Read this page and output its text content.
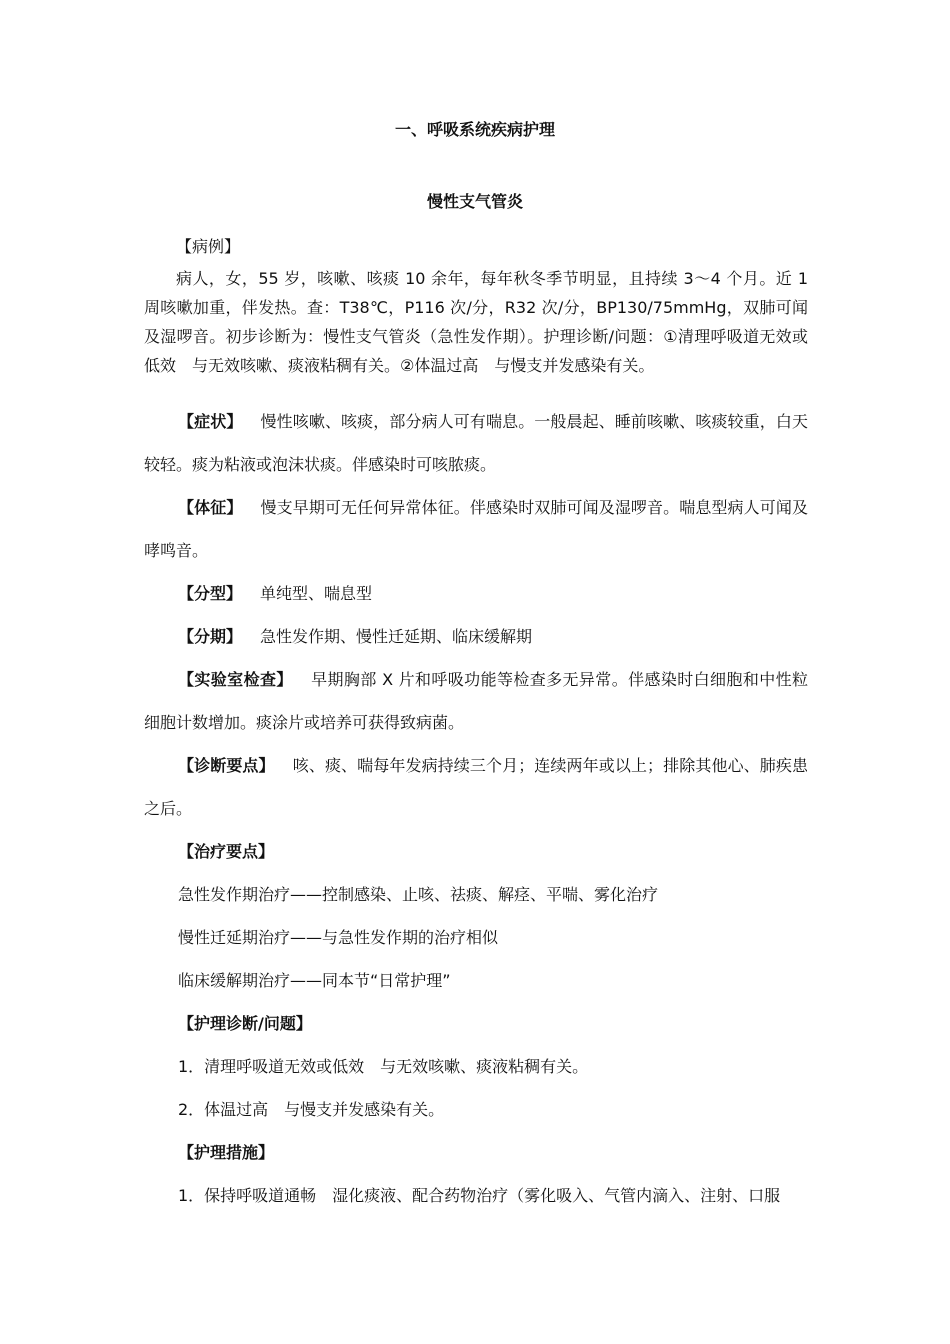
一、呼吸系统疾病护理
慢性支气管炎

【病例】

病人，女，55 岁，咳嗽、咳痰 10 余年，每年秋冬季节明显，且持续 3～4 个月。近 1 周咳嗽加重，伴发热。查：T38℃，P116 次/分，R32 次/分，BP130/75mmHg，双肺可闻及湿啰音。初步诊断为：慢性支气管炎（急性发作期）。护理诊断/问题：①清理呼吸道无效或低效　与无效咳嗽、痰液粘稠有关。②体温过高　与慢支并发感染有关。

【症状】 慢性咳嗽、咳痰，部分病人可有喘息。一般晨起、睡前咳嗽、咳痰较重，白天较轻。痰为粘液或泡沫状痰。伴感染时可咳脓痰。

【体征】 慢支早期可无任何异常体征。伴感染时双肺可闻及湿啰音。喘息型病人可闻及哮鸣音。

【分型】 单纯型、喘息型

【分期】 急性发作期、慢性迁延期、临床缓解期

【实验室检查】 早期胸部 X 片和呼吸功能等检查多无异常。伴感染时白细胞和中性粒细胞计数增加。痰涂片或培养可获得致病菌。

【诊断要点】 咳、痰、喘每年发病持续三个月；连续两年或以上；排除其他心、肺疾患之后。

【治疗要点】

急性发作期治疗——控制感染、止咳、祛痰、解痉、平喘、雾化治疗

慢性迁延期治疗——与急性发作期的治疗相似

临床缓解期治疗——同本节“日常护理”

【护理诊断/问题】

1．清理呼吸道无效或低效　与无效咳嗽、痰液粘稠有关。

2．体温过高　与慢支并发感染有关。

【护理措施】

1．保持呼吸道通畅　湿化痰液、配合药物治疗（雾化吸入、气管内滴入、注射、口服
